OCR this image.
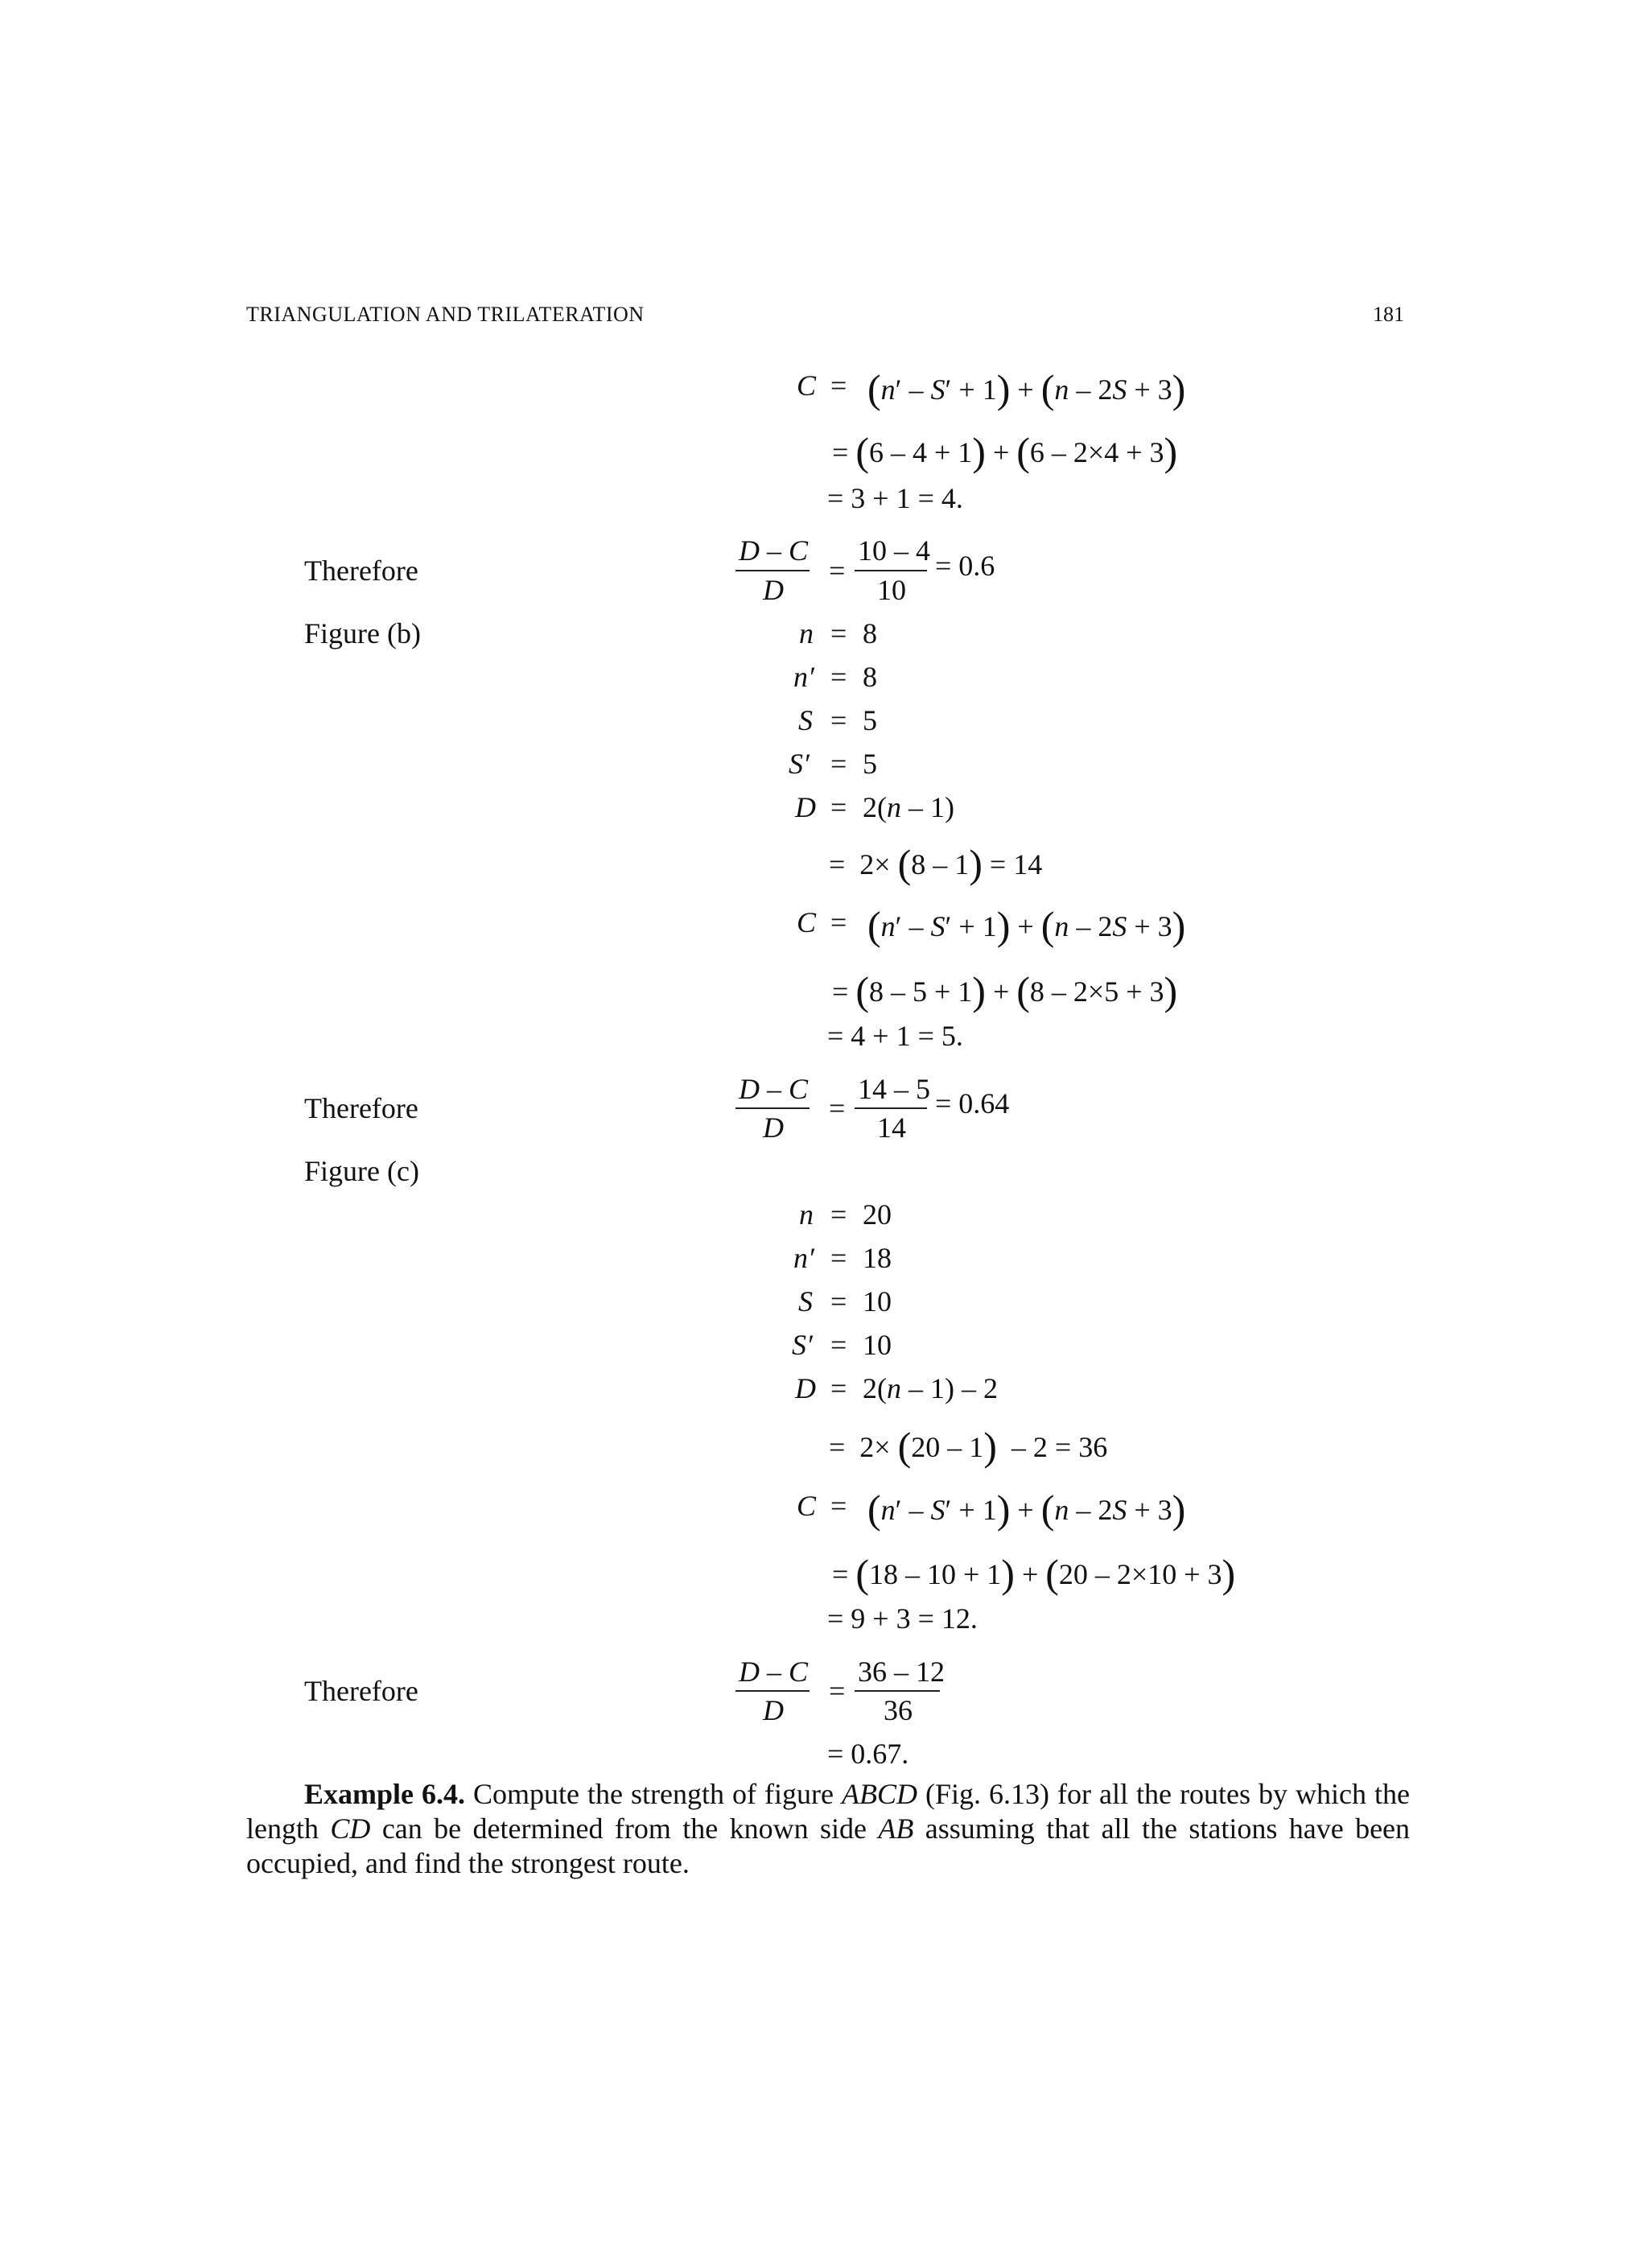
TRIANGULATION AND TRILATERATION	181
C = (n′ – S′ + 1) + (n – 2S + 3)
= (6 – 4 + 1) + (6 – 2×4 + 3)
= 3 + 1 = 4.
Therefore
D – C
D
=
10 – 4
10
= 0.6
Figure (b)	n = 8
n′ = 8
S = 5
S′ = 5
D = 2(n – 1)
=  2× (8 – 1) = 14
C = (n′ – S′ + 1) + (n – 2S + 3)
= (8 – 5 + 1) + (8 – 2×5 + 3)
= 4 + 1 = 5.
Therefore
D – C
D
=
14 – 5
14
= 0.64
Figure (c)
n = 20
n′ = 18
S = 10
S′ = 10
D = 2(n – 1) – 2
=  2× (20 – 1)  – 2 = 36
C = (n′ – S′ + 1) + (n – 2S + 3)
= (18 – 10 + 1) + (20 – 2×10 + 3)
= 9 + 3 = 12.
Therefore
D – C
D
=
36 – 12
36
= 0.67.
Example 6.4. Compute the strength of figure ABCD (Fig. 6.13) for all the routes by which the length CD can be determined from the known side AB assuming that all the stations have been occupied, and find the strongest route.
